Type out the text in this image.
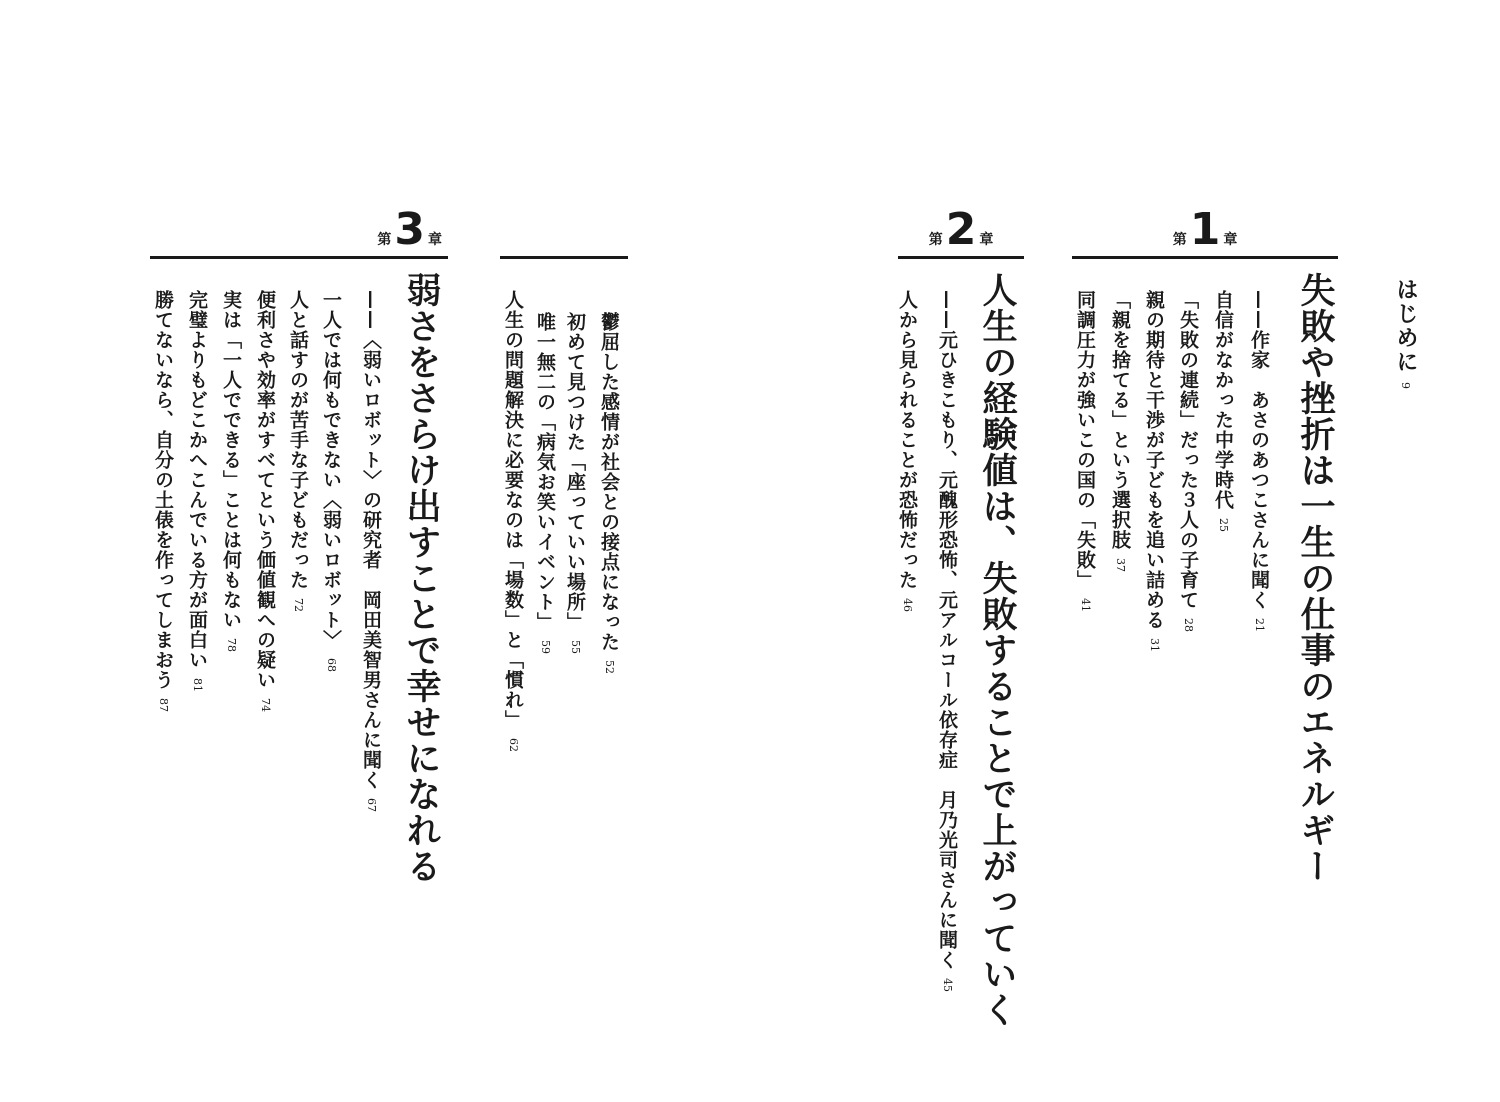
はじめに9
第 1 章
失敗や挫折は一生の仕事のエネルギー
——作家　あさのあつこさんに聞く21
自信がなかった中学時代25
「失敗の連続」だった３人の子育て28
親の期待と干渉が子どもを追い詰める31
「親を捨てる」という選択肢37
同調圧力が強いこの国の「失敗」41
第 2 章
人生の経験値は、失敗することで上がっていく
——元ひきこもり、元醜形恐怖、元アルコール依存症　月乃光司さんに聞く45
人から見られることが恐怖だった46
鬱屈した感情が社会との接点になった52
初めて見つけた「座っていい場所」55
唯一無二の「病気お笑いイベント」59
人生の問題解決に必要なのは「場数」と「慣れ」62
第 3 章
弱さをさらけ出すことで幸せになれる
——〈弱いロボット〉の研究者　岡田美智男さんに聞く67
一人では何もできない〈弱いロボット〉68
人と話すのが苦手な子どもだった72
便利さや効率がすべてという価値観への疑い74
実は「一人でできる」ことは何もない78
完璧よりもどこかへこんでいる方が面白い81
勝てないなら、自分の土俵を作ってしまおう87
